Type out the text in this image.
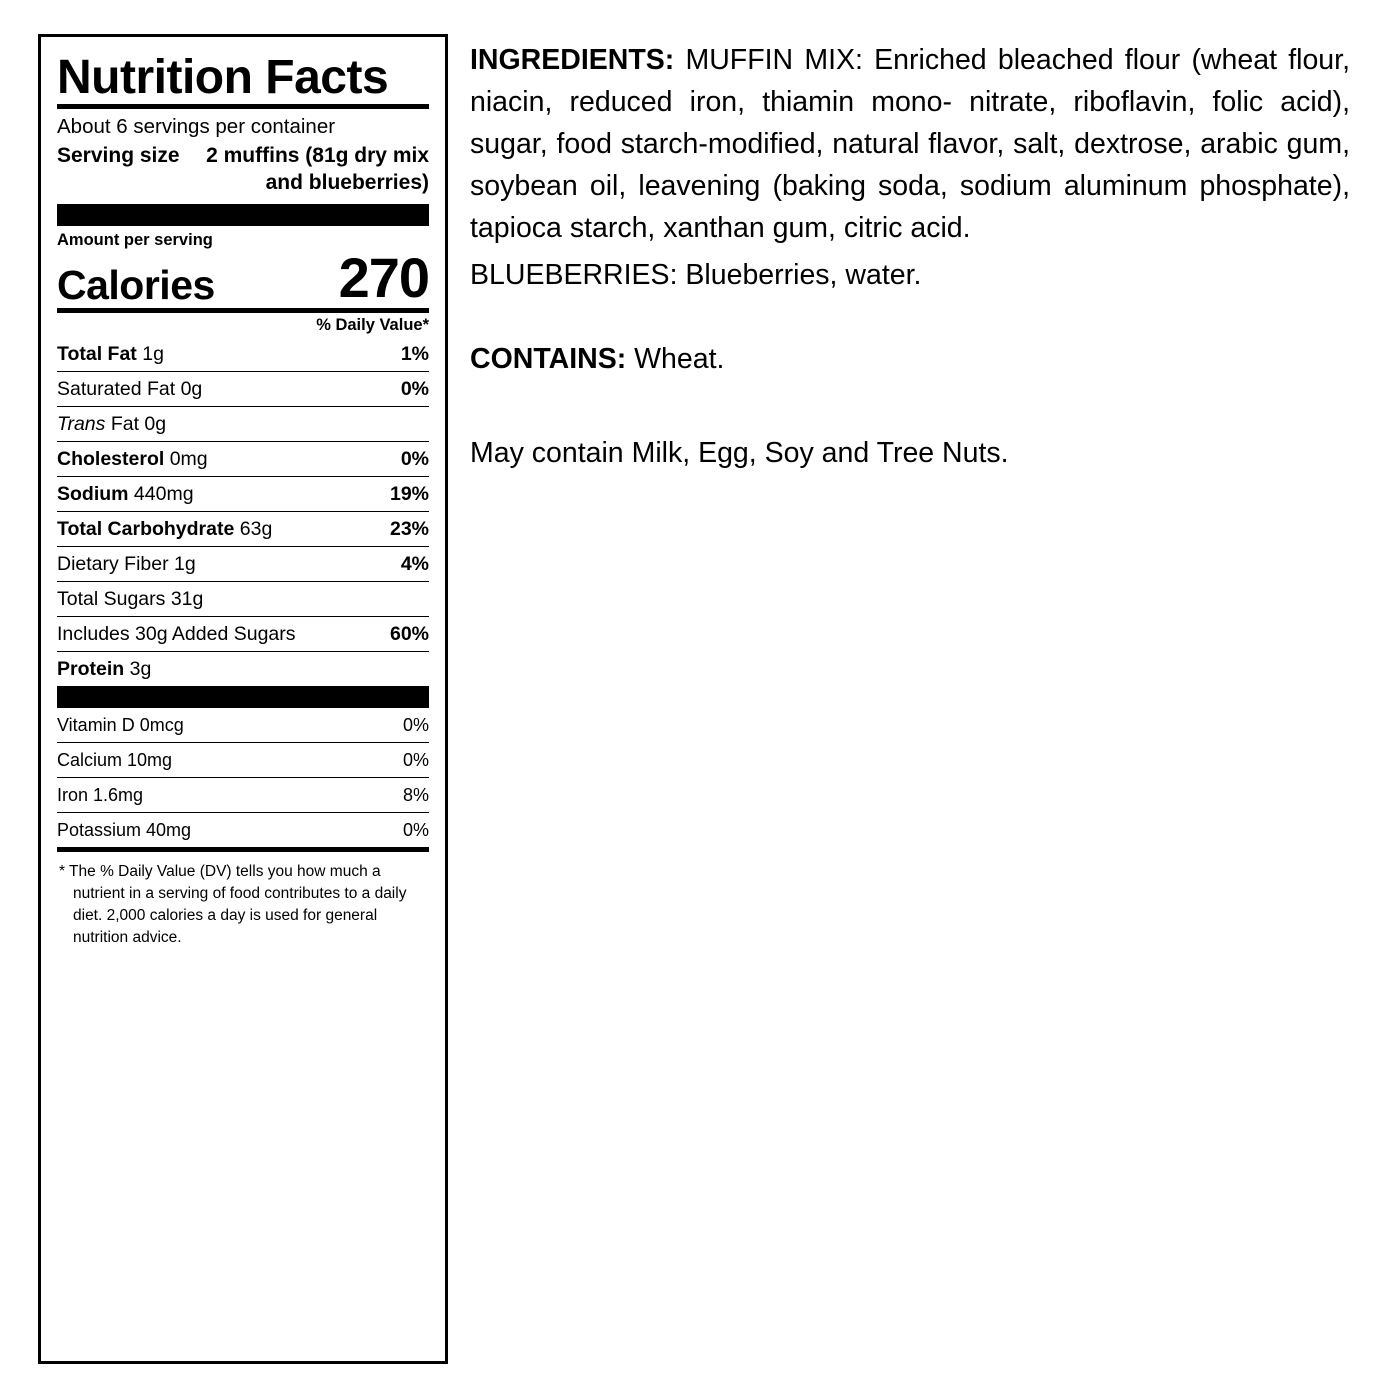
Nutrition Facts
About 6 servings per container
Serving size 2 muffins (81g dry mix and blueberries)
Amount per serving
Calories 270
% Daily Value*
Total Fat 1g	1%
Saturated Fat 0g	0%
Trans Fat 0g	
Cholesterol 0mg	0%
Sodium 440mg	19%
Total Carbohydrate 63g	23%
Dietary Fiber 1g	4%
Total Sugars 31g	
Includes 30g Added Sugars	60%
Protein 3g	
Vitamin D 0mcg	0%
Calcium 10mg	0%
Iron 1.6mg	8%
Potassium 40mg	0%
* The % Daily Value (DV) tells you how much a nutrient in a serving of food contributes to a daily diet. 2,000 calories a day is used for general nutrition advice.

INGREDIENTS: MUFFIN MIX: Enriched bleached flour (wheat flour, niacin, reduced iron, thiamin mono- nitrate, riboflavin, folic acid), sugar, food starch-modified, natural flavor, salt, dextrose, arabic gum, soybean oil, leavening (baking soda, sodium aluminum phosphate), tapioca starch, xanthan gum, citric acid.

BLUEBERRIES: Blueberries, water.

CONTAINS: Wheat.

May contain Milk, Egg, Soy and Tree Nuts.
